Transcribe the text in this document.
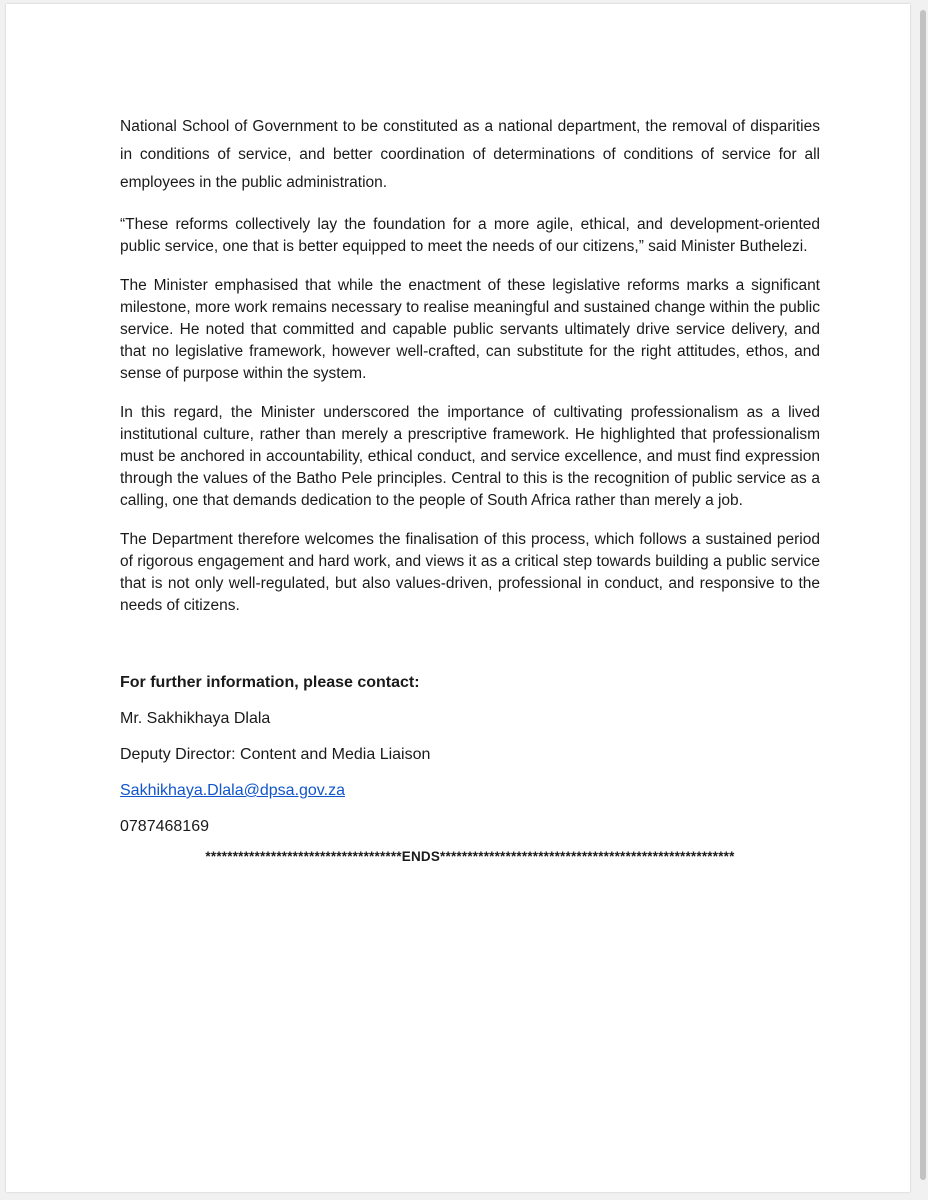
National School of Government to be constituted as a national department, the removal of disparities in conditions of service, and better coordination of determinations of conditions of service for all employees in the public administration.

“These reforms collectively lay the foundation for a more agile, ethical, and development-oriented public service, one that is better equipped to meet the needs of our citizens,” said Minister Buthelezi.

The Minister emphasised that while the enactment of these legislative reforms marks a significant milestone, more work remains necessary to realise meaningful and sustained change within the public service. He noted that committed and capable public servants ultimately drive service delivery, and that no legislative framework, however well-crafted, can substitute for the right attitudes, ethos, and sense of purpose within the system.

In this regard, the Minister underscored the importance of cultivating professionalism as a lived institutional culture, rather than merely a prescriptive framework. He highlighted that professionalism must be anchored in accountability, ethical conduct, and service excellence, and must find expression through the values of the Batho Pele principles. Central to this is the recognition of public service as a calling, one that demands dedication to the people of South Africa rather than merely a job.

The Department therefore welcomes the finalisation of this process, which follows a sustained period of rigorous engagement and hard work, and views it as a critical step towards building a public service that is not only well-regulated, but also values-driven, professional in conduct, and responsive to the needs of citizens.

For further information, please contact:

Mr. Sakhikhaya Dlala

Deputy Director: Content and Media Liaison

Sakhikhaya.Dlala@dpsa.gov.za

0787468169

************************************ENDS******************************************************
